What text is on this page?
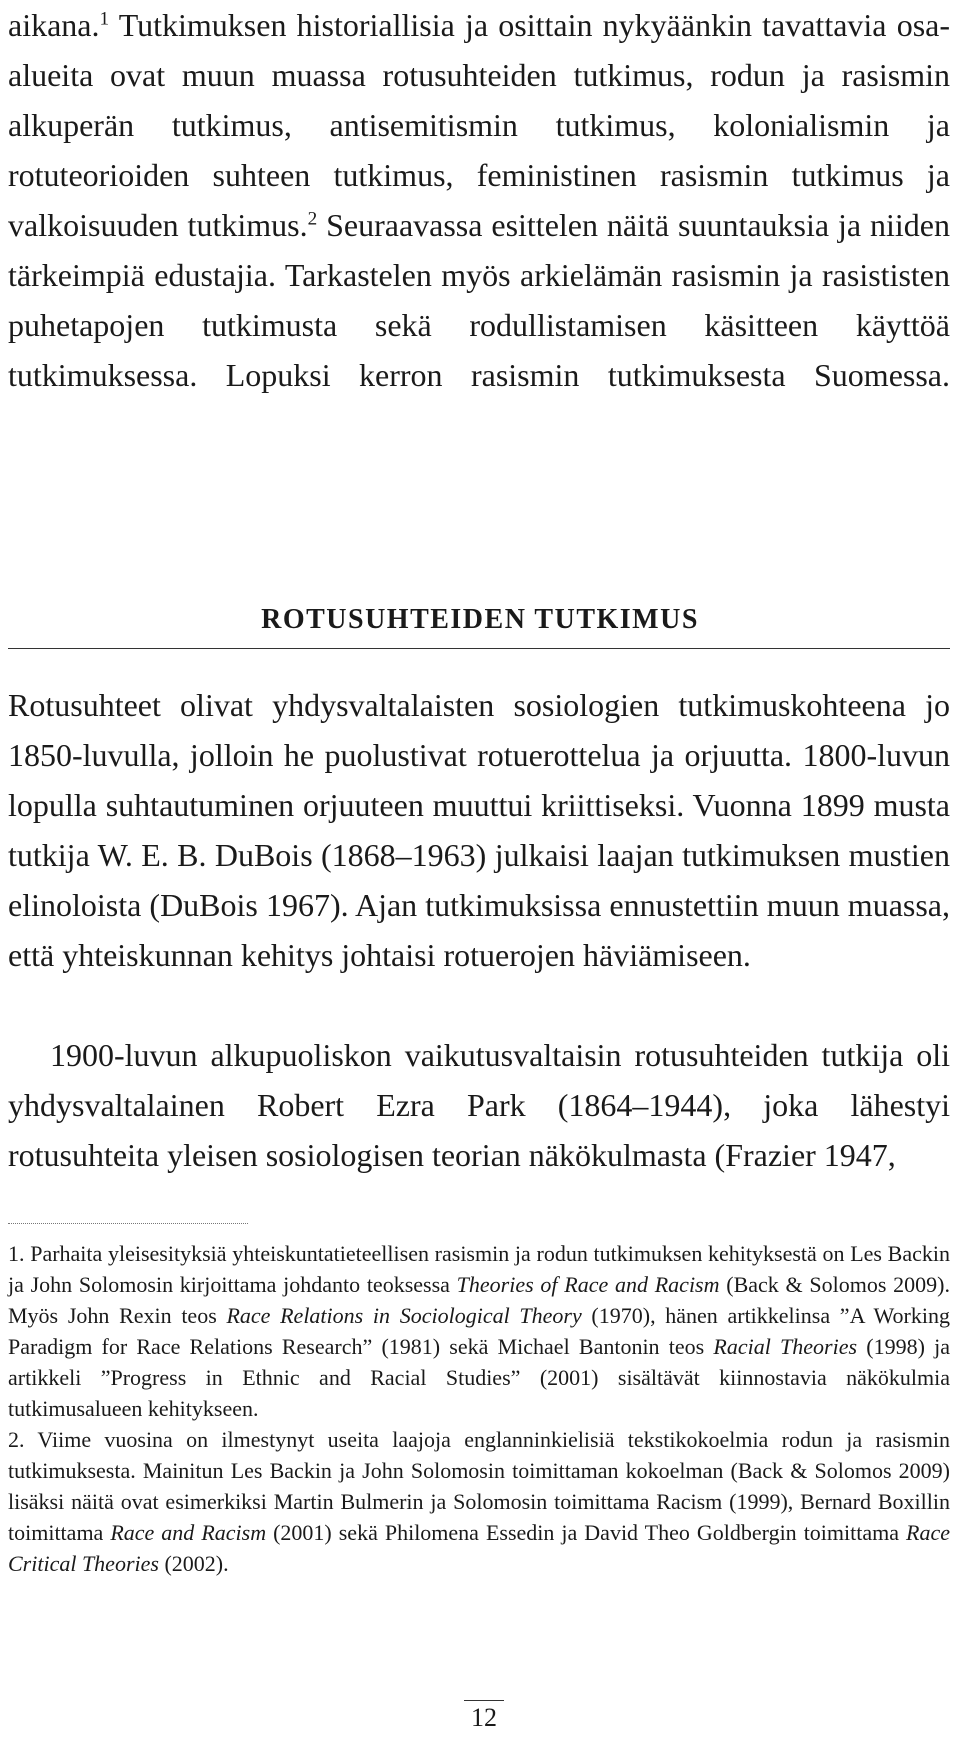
aikana.$^1$ Tutkimuksen historiallisia ja osittain nykyäänkin tavattavia osa-alueita ovat muun muassa rotusuhteiden tutkimus, rodun ja rasismin alkuperän tutkimus, antisemitismin tutkimus, kolonialismin ja rotuteorioiden suhteen tutkimus, feministinen rasismin tutkimus ja valkoisuuden tutkimus.$^2$ Seuraavassa esittelen näitä suuntauksia ja niiden tärkeimpiä edustajia. Tarkastelen myös arkielämän rasismin ja rasististen puhetapojen tutkimusta sekä rodullistamisen käsitteen käyttöä tutkimuksessa. Lopuksi kerron rasismin tutkimuksesta Suomessa.

ROTUSUHTEIDEN TUTKIMUS

Rotusuhteet olivat yhdysvaltalaisten sosiologien tutkimuskohteena jo 1850-luvulla, jolloin he puolustivat rotuerottelua ja orjuutta. 1800-luvun lopulla suhtautuminen orjuuteen muuttui kriittiseksi. Vuonna 1899 musta tutkija W. E. B. DuBois (1868–1963) julkaisi laajan tutkimuksen mustien elinoloista (DuBois 1967). Ajan tutkimuksissa ennustettiin muun muassa, että yhteiskunnan kehitys johtaisi rotuerojen häviämiseen.

1900-luvun alkupuoliskon vaikutusvaltaisin rotusuhteiden tutkija oli yhdysvaltalainen Robert Ezra Park (1864–1944), joka lähestyi rotusuhteita yleisen sosiologisen teorian näkökulmasta (Frazier 1947,

1. Parhaita yleisesityksiä yhteiskuntatieteellisen rasismin ja rodun tutkimuksen kehityksestä on Les Backin ja John Solomosin kirjoittama johdanto teoksessa Theories of Race and Racism (Back & Solomos 2009). Myös John Rexin teos Race Relations in Sociological Theory (1970), hänen artikkelinsa ”A Working Paradigm for Race Relations Research” (1981) sekä Michael Bantonin teos Racial Theories (1998) ja artikkeli ”Progress in Ethnic and Racial Studies” (2001) sisältävät kiinnostavia näkökulmia tutkimusalueen kehitykseen.

2. Viime vuosina on ilmestynyt useita laajoja englanninkielisiä tekstikokoelmia rodun ja rasismin tutkimuksesta. Mainitun Les Backin ja John Solomosin toimittaman kokoelman (Back & Solomos 2009) lisäksi näitä ovat esimerkiksi Martin Bulmerin ja Solomosin toimittama Racism (1999), Bernard Boxillin toimittama Race and Racism (2001) sekä Philomena Essedin ja David Theo Goldbergin toimittama Race Critical Theories (2002).

12
